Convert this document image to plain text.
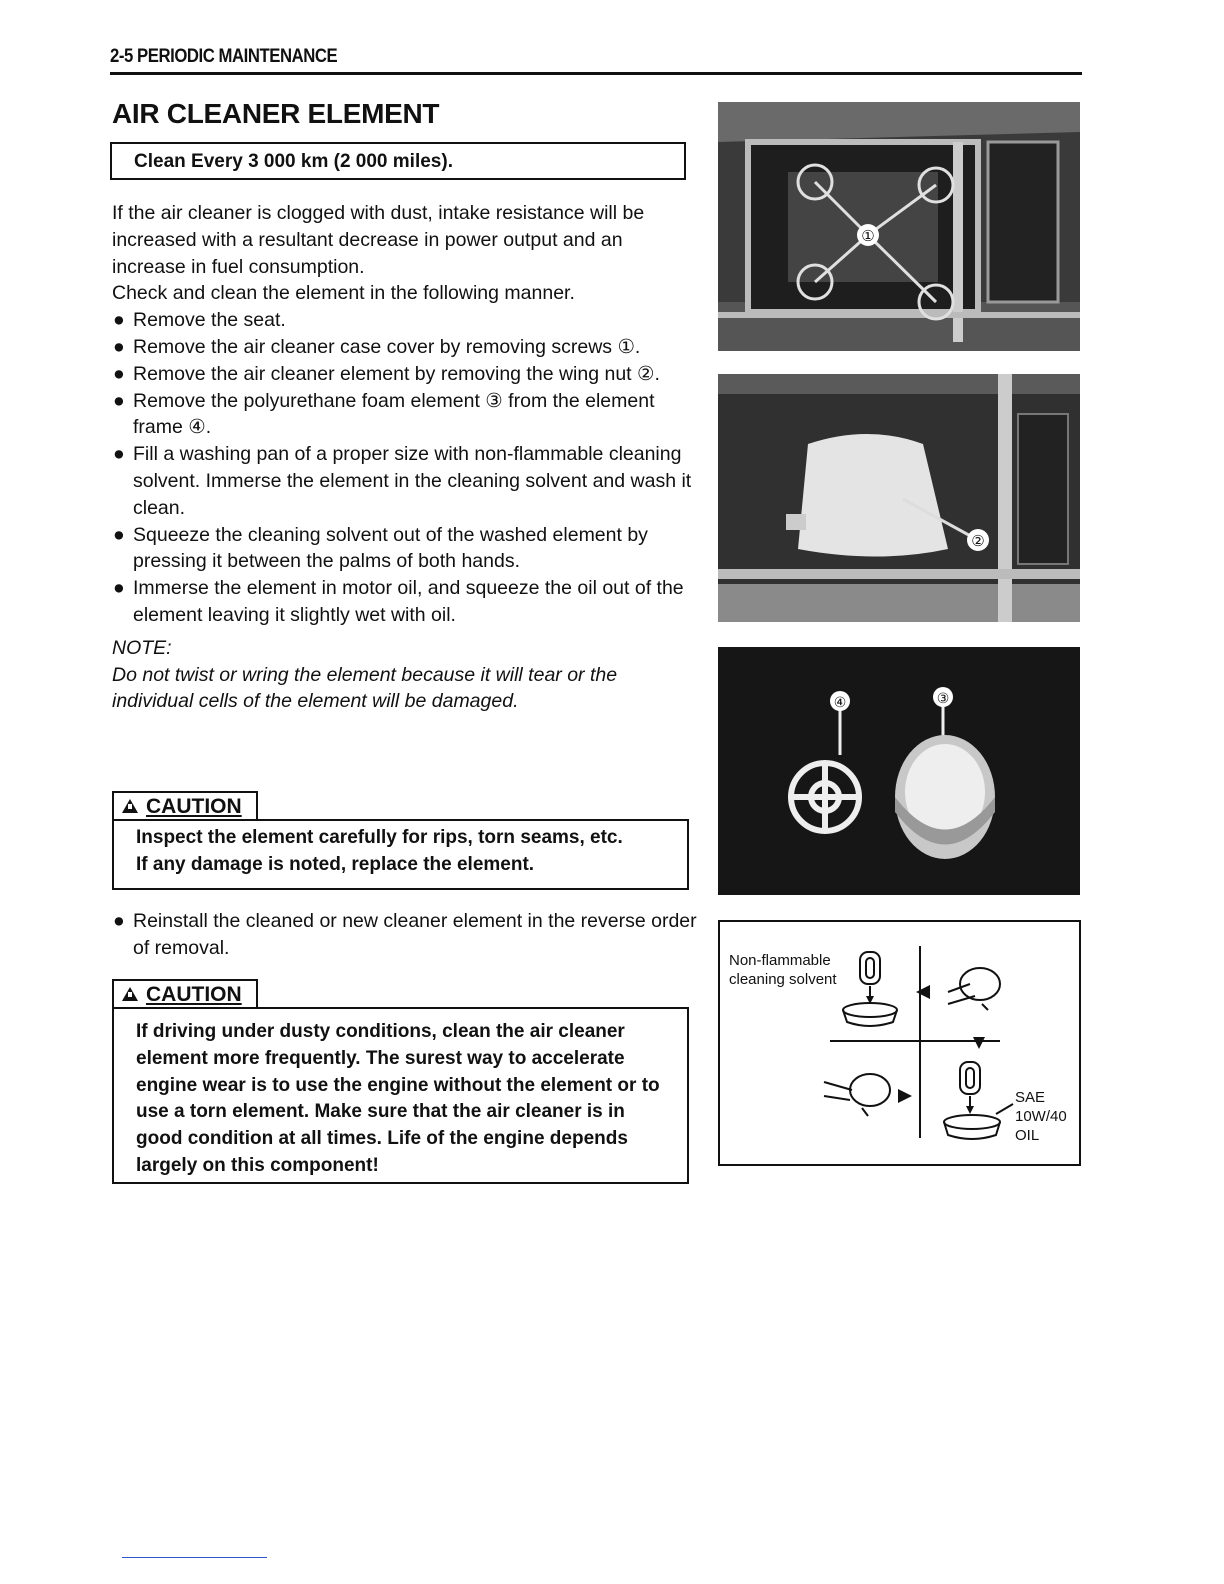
2-5 PERIODIC MAINTENANCE
AIR CLEANER ELEMENT
Clean Every 3 000 km (2 000 miles).

If the air cleaner is clogged with dust, intake resistance will be increased with a resultant decrease in power output and an increase in fuel consumption.

Check and clean the element in the following manner.

● Remove the seat.

● Remove the air cleaner case cover by removing screws ①.

● Remove the air cleaner element by removing the wing nut ②.

● Remove the polyurethane foam element ③ from the element frame ④.

● Fill a washing pan of a proper size with non-flammable cleaning solvent. Immerse the element in the cleaning solvent and wash it clean.

● Squeeze the cleaning solvent out of the washed element by pressing it between the palms of both hands.

● Immerse the element in motor oil, and squeeze the oil out of the element leaving it slightly wet with oil.

NOTE:

Do not twist or wring the element because it will tear or the individual cells of the element will be damaged.

CAUTION
Inspect the element carefully for rips, torn seams, etc.
If any damage is noted, replace the element.
● Reinstall the cleaned or new cleaner element in the reverse order of removal.
CAUTION
If driving under dusty conditions, clean the air cleaner element more frequently. The surest way to accelerate engine wear is to use the engine without the element or to use a torn element. Make sure that the air cleaner is in good condition at all times. Life of the engine depends largely on this component!
①
②
④	③
Non-flammable
cleaning solvent
SAE
10W/40
OIL
